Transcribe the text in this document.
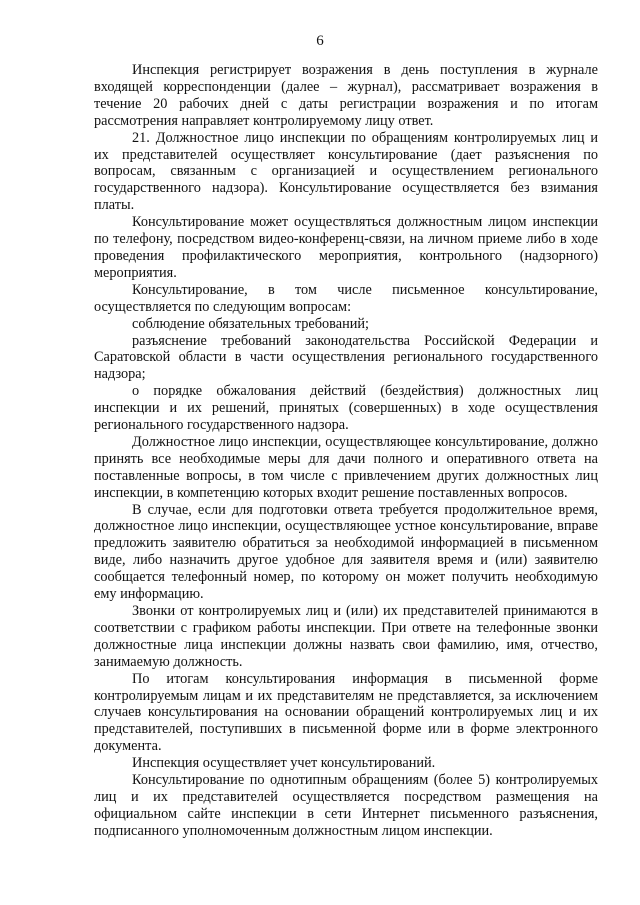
6

Инспекция регистрирует возражения в день поступления в журнале входящей корреспонденции (далее – журнал), рассматривает возражения в течение 20 рабочих дней с даты регистрации возражения и по итогам рассмотрения направляет контролируемому лицу ответ.

21. Должностное лицо инспекции по обращениям контролируемых лиц и их представителей осуществляет консультирование (дает разъяснения по вопросам, связанным с организацией и осуществлением регионального государственного надзора). Консультирование осуществляется без взимания платы.

Консультирование может осуществляться должностным лицом инспекции по телефону, посредством видео-конференц-связи, на личном приеме либо в ходе проведения профилактического мероприятия, контрольного (надзорного) мероприятия.

Консультирование, в том числе письменное консультирование, осуществляется по следующим вопросам:

соблюдение обязательных требований;

разъяснение требований законодательства Российской Федерации и Саратовской области в части осуществления регионального государственного надзора;

о порядке обжалования действий (бездействия) должностных лиц инспекции и их решений, принятых (совершенных) в ходе осуществления регионального государственного надзора.

Должностное лицо инспекции, осуществляющее консультирование, должно принять все необходимые меры для дачи полного и оперативного ответа на поставленные вопросы, в том числе с привлечением других должностных лиц инспекции, в компетенцию которых входит решение поставленных вопросов.

В случае, если для подготовки ответа требуется продолжительное время, должностное лицо инспекции, осуществляющее устное консультирование, вправе предложить заявителю обратиться за необходимой информацией в письменном виде, либо назначить другое удобное для заявителя время и (или) заявителю сообщается телефонный номер, по которому он может получить необходимую ему информацию.

Звонки от контролируемых лиц и (или) их представителей принимаются в соответствии с графиком работы инспекции. При ответе на телефонные звонки должностные лица инспекции должны назвать свои фамилию, имя, отчество, занимаемую должность.

По итогам консультирования информация в письменной форме контролируемым лицам и их представителям не представляется, за исключением случаев консультирования на основании обращений контролируемых лиц и их представителей, поступивших в письменной форме или в форме электронного документа.

Инспекция осуществляет учет консультирований.

Консультирование по однотипным обращениям (более 5) контролируемых лиц и их представителей осуществляется посредством размещения на официальном сайте инспекции в сети Интернет письменного разъяснения, подписанного уполномоченным должностным лицом инспекции.
